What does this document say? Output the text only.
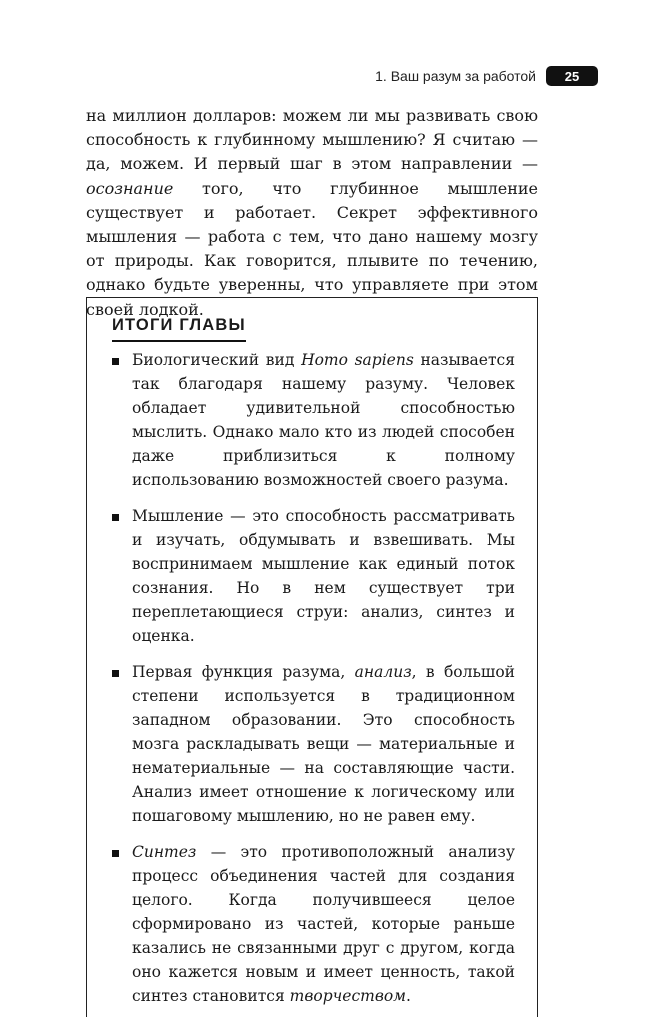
1. Ваш разум за работой	25

на миллион долларов: можем ли мы развивать свою способность к глубинному мышлению? Я считаю — да, можем. И первый шаг в этом направлении — осознание того, что глубинное мышление существует и работает. Секрет эффективного мышления — работа с тем, что дано нашему мозгу от природы. Как говорится, плывите по течению, однако будьте уверенны, что управляете при этом своей лодкой.

ИТОГИ ГЛАВЫ
Биологический вид Homo sapiens называется так благодаря нашему разуму. Человек обладает удивительной способностью мыслить. Однако мало кто из людей способен даже приблизиться к полному использованию возможностей своего разума.
Мышление — это способность рассматривать и изучать, обдумывать и взвешивать. Мы воспринимаем мышление как единый поток сознания. Но в нем существует три переплетающиеся струи: анализ, синтез и оценка.
Первая функция разума, анализ, в большой степени используется в традиционном западном образовании. Это способность мозга раскладывать вещи — материальные и нематериальные — на составляющие части. Анализ имеет отношение к логическому или пошаговому мышлению, но не равен ему.
Синтез — это противоположный анализу процесс объединения частей для создания целого. Когда получившееся целое сформировано из частей, которые раньше казались не связанными друг с другом, когда оно кажется новым и имеет ценность, такой синтез становится творчеством.
